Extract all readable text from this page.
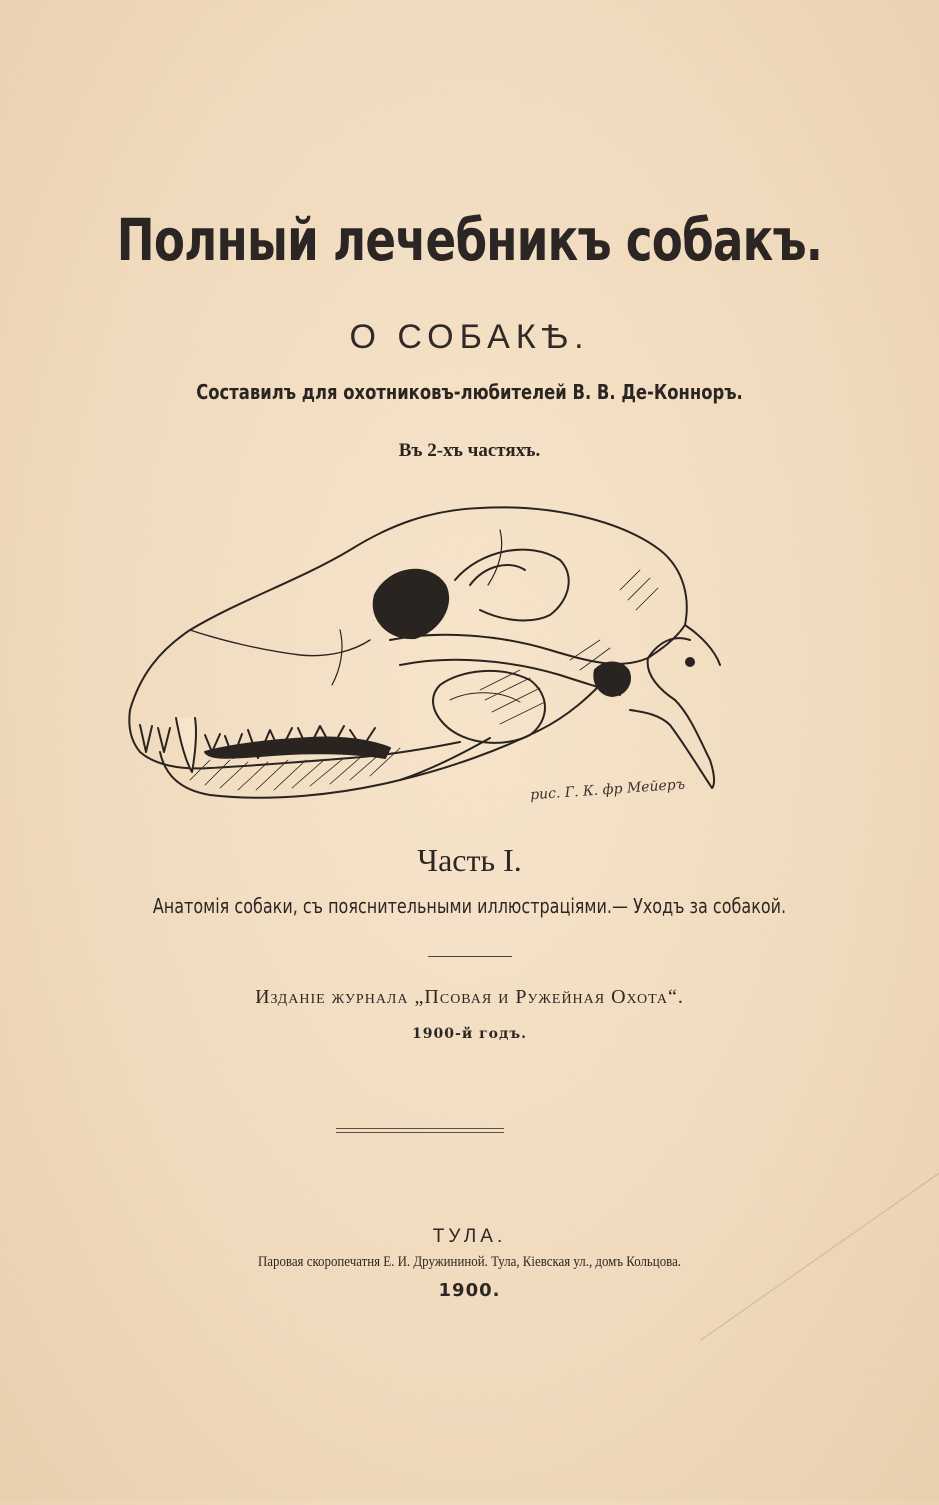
Полный лечебникъ собакъ.
О СОБАКѢ.
Составилъ для охотниковъ-любителей В. В. Де-Конноръ.
Въ 2-хъ частяхъ.
рис. Г. К. фр Мейеръ
Часть I.
Анатомія собаки, съ пояснительными иллюстраціями.— Уходъ за собакой.
Изданіе журнала „Псовая и Ружейная Охота“.
1900-й годъ.
ТУЛА.
Паровая скоропечатня Е. И. Дружининой. Тула, Кіевская ул., домъ Кольцова.
1900.
